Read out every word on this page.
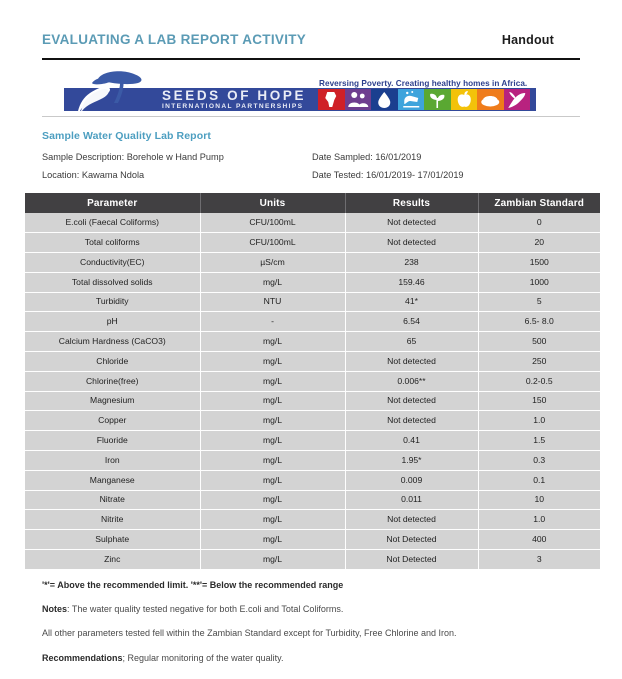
EVALUATING A LAB REPORT ACTIVITY	Handout
SEEDS OF HOPE
INTERNATIONAL PARTNERSHIPS
Reversing Poverty. Creating healthy homes in Africa.
Sample Water Quality Lab Report
Sample Description: Borehole w Hand Pump	Date Sampled: 16/01/2019
Location: Kawama Ndola	Date Tested: 16/01/2019- 17/01/2019
Parameter	Units	Results	Zambian Standard
E.coli (Faecal Coliforms)	CFU/100mL	Not detected	0
Total coliforms	CFU/100mL	Not detected	20
Conductivity(EC)	µS/cm	238	1500
Total dissolved solids	mg/L	159.46	1000
Turbidity	NTU	41*	5
pH	-	6.54	6.5- 8.0
Calcium Hardness (CaCO3)	mg/L	65	500
Chloride	mg/L	Not detected	250
Chlorine(free)	mg/L	0.006**	0.2-0.5
Magnesium	mg/L	Not detected	150
Copper	mg/L	Not detected	1.0
Fluoride	mg/L	0.41	1.5
Iron	mg/L	1.95*	0.3
Manganese	mg/L	0.009	0.1
Nitrate	mg/L	0.011	10
Nitrite	mg/L	Not detected	1.0
Sulphate	mg/L	Not Detected	400
Zinc	mg/L	Not Detected	3
'*'= Above the recommended limit. '**'= Below the recommended range
Notes: The water quality tested negative for both E.coli and Total Coliforms.
All other parameters tested fell within the Zambian Standard except for Turbidity, Free Chlorine and Iron.
Recommendations; Regular monitoring of the water quality.
